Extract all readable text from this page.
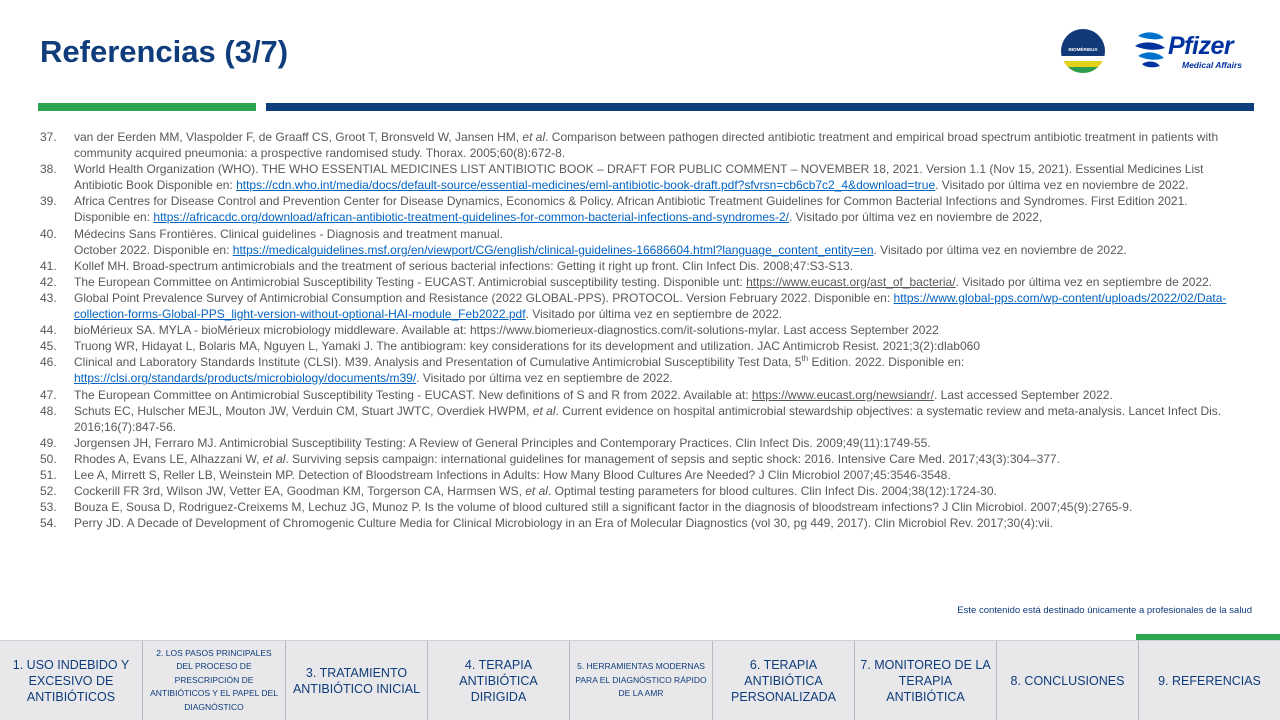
Referencias (3/7)	BIOMÉRIEUX	Pfizer
Medical Affairs
37. van der Eerden MM, Vlaspolder F, de Graaff CS, Groot T, Bronsveld W, Jansen HM, et al. Comparison between pathogen directed antibiotic treatment and empirical broad spectrum antibiotic treatment in patients with community acquired pneumonia: a prospective randomised study. Thorax. 2005;60(8):672-8.
38. World Health Organization (WHO). THE WHO ESSENTIAL MEDICINES LIST ANTIBIOTIC BOOK – DRAFT FOR PUBLIC COMMENT – NOVEMBER 18, 2021. Version 1.1 (Nov 15, 2021). Essential Medicines List Antibiotic Book Disponible en: https://cdn.who.int/media/docs/default-source/essential-medicines/eml-antibiotic-book-draft.pdf?sfvrsn=cb6cb7c2_4&download=true. Visitado por última vez en noviembre de 2022.
39. Africa Centres for Disease Control and Prevention Center for Disease Dynamics, Economics & Policy. African Antibiotic Treatment Guidelines for Common Bacterial Infections and Syndromes. First Edition 2021. Disponible en: https://africacdc.org/download/african-antibiotic-treatment-guidelines-for-common-bacterial-infections-and-syndromes-2/. Visitado por última vez en noviembre de 2022,
40. Médecins Sans Frontières. Clinical guidelines - Diagnosis and treatment manual.
October 2022. Disponible en: https://medicalguidelines.msf.org/en/viewport/CG/english/clinical-guidelines-16686604.html?language_content_entity=en. Visitado por última vez en noviembre de 2022.
41. Kollef MH. Broad-spectrum antimicrobials and the treatment of serious bacterial infections: Getting it right up front. Clin Infect Dis. 2008;47:S3-S13.
42. The European Committee on Antimicrobial Susceptibility Testing - EUCAST. Antimicrobial susceptibility testing. Disponible unt: https://www.eucast.org/ast_of_bacteria/. Visitado por última vez en septiembre de 2022.
43. Global Point Prevalence Survey of Antimicrobial Consumption and Resistance (2022 GLOBAL-PPS). PROTOCOL. Version February 2022. Disponible en: https://www.global-pps.com/wp-content/uploads/2022/02/Data-collection-forms-Global-PPS_light-version-without-optional-HAI-module_Feb2022.pdf. Visitado por última vez en septiembre de 2022.
44. bioMérieux SA. MYLA - bioMérieux microbiology middleware. Available at: https://www.biomerieux-diagnostics.com/it-solutions-mylar. Last access September 2022
45. Truong WR, Hidayat L, Bolaris MA, Nguyen L, Yamaki J. The antibiogram: key considerations for its development and utilization. JAC Antimicrob Resist. 2021;3(2):dlab060
46. Clinical and Laboratory Standards Institute (CLSI). M39. Analysis and Presentation of Cumulative Antimicrobial Susceptibility Test Data, 5th Edition. 2022. Disponible en: https://clsi.org/standards/products/microbiology/documents/m39/. Visitado por última vez en septiembre de 2022.
47. The European Committee on Antimicrobial Susceptibility Testing - EUCAST. New definitions of S and R from 2022. Available at: https://www.eucast.org/newsiandr/. Last accessed September 2022.
48. Schuts EC, Hulscher MEJL, Mouton JW, Verduin CM, Stuart JWTC, Overdiek HWPM, et al. Current evidence on hospital antimicrobial stewardship objectives: a systematic review and meta-analysis. Lancet Infect Dis. 2016;16(7):847-56.
49. Jorgensen JH, Ferraro MJ. Antimicrobial Susceptibility Testing: A Review of General Principles and Contemporary Practices. Clin Infect Dis. 2009;49(11):1749-55.
50. Rhodes A, Evans LE, Alhazzani W, et al. Surviving sepsis campaign: international guidelines for management of sepsis and septic shock: 2016. Intensive Care Med. 2017;43(3):304–377.
51. Lee A, Mirrett S, Reller LB, Weinstein MP. Detection of Bloodstream Infections in Adults: How Many Blood Cultures Are Needed? J Clin Microbiol 2007;45:3546-3548.
52. Cockerill FR 3rd, Wilson JW, Vetter EA, Goodman KM, Torgerson CA, Harmsen WS, et al. Optimal testing parameters for blood cultures. Clin Infect Dis. 2004;38(12):1724-30.
53. Bouza E, Sousa D, Rodriguez-Creixems M, Lechuz JG, Munoz P. Is the volume of blood cultured still a significant factor in the diagnosis of bloodstream infections? J Clin Microbiol. 2007;45(9):2765-9.
54. Perry JD. A Decade of Development of Chromogenic Culture Media for Clinical Microbiology in an Era of Molecular Diagnostics (vol 30, pg 449, 2017). Clin Microbiol Rev. 2017;30(4):vii.
Este contenido está destinado únicamente a profesionales de la salud
1. USO INDEBIDO Y EXCESIVO DE ANTIBIÓTICOS
2. LOS PASOS PRINCIPALES DEL PROCESO DE PRESCRIPCIÓN DE ANTIBIÓTICOS Y EL PAPEL DEL DIAGNÓSTICO
3. TRATAMIENTO ANTIBIÓTICO INICIAL
4. TERAPIA ANTIBIÓTICA DIRIGIDA
5. HERRAMIENTAS MODERNAS PARA EL DIAGNÓSTICO RÁPIDO DE LA AMR
6. TERAPIA ANTIBIÓTICA PERSONALIZADA
7. MONITOREO DE LA TERAPIA ANTIBIÓTICA
8. CONCLUSIONES	9. REFERENCIAS
